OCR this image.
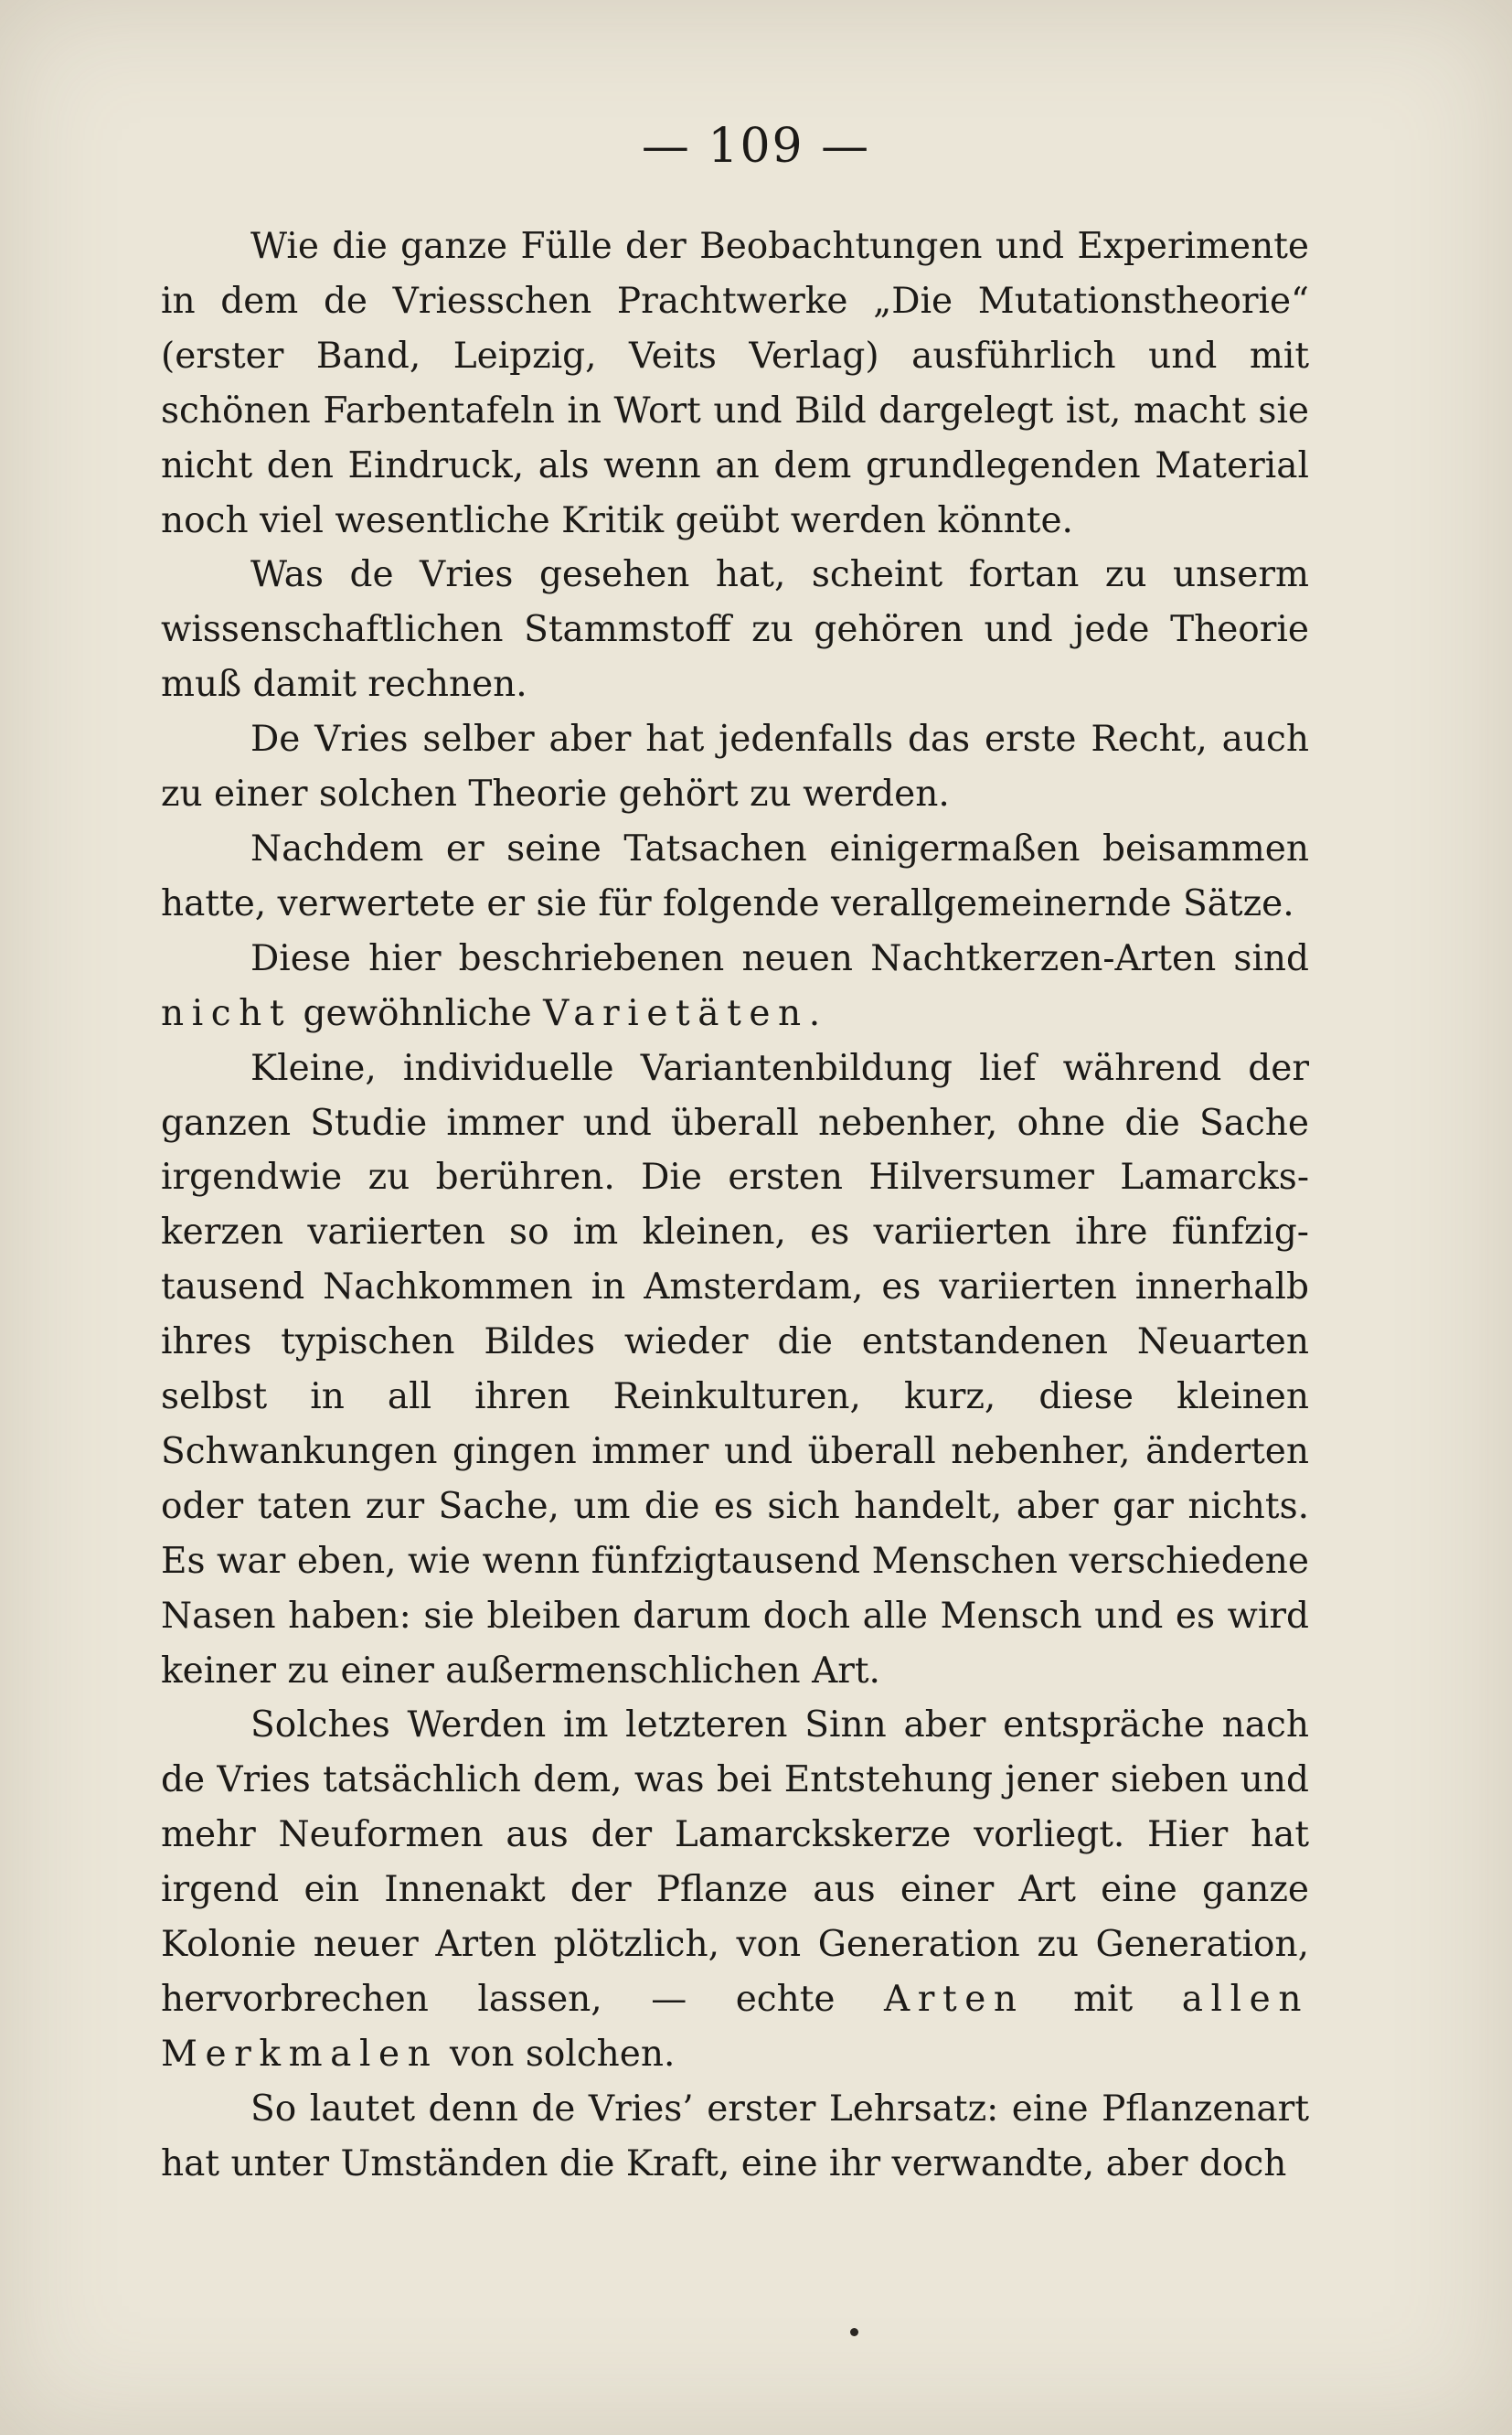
— 109 —

Wie die ganze Fülle der Beobachtungen und Experimente in dem de Vriesschen Prachtwerke „Die Mutationstheorie“ (erster Band, Leipzig, Veits Verlag) ausführlich und mit schönen Farbentafeln in Wort und Bild dargelegt ist, macht sie nicht den Eindruck, als wenn an dem grundlegenden Material noch viel wesentliche Kritik geübt werden könnte.

Was de Vries gesehen hat, scheint fortan zu unserm wissenschaftlichen Stammstoff zu gehören und jede Theorie muß damit rechnen.

De Vries selber aber hat jedenfalls das erste Recht, auch zu einer solchen Theorie gehört zu werden.

Nachdem er seine Tatsachen einigermaßen beisammen hatte, verwertete er sie für folgende verallgemeinernde Sätze.

Diese hier beschriebenen neuen Nachtkerzen-Arten sind nicht gewöhnliche Varietäten.

Kleine, individuelle Variantenbildung lief während der ganzen Studie immer und überall nebenher, ohne die Sache irgendwie zu berühren. Die ersten Hilversumer Lamarcks-kerzen variierten so im kleinen, es variierten ihre fünfzig-tausend Nachkommen in Amsterdam, es variierten innerhalb ihres typischen Bildes wieder die entstandenen Neuarten selbst in all ihren Reinkulturen, kurz, diese kleinen Schwankungen gingen immer und überall nebenher, änderten oder taten zur Sache, um die es sich handelt, aber gar nichts. Es war eben, wie wenn fünfzigtausend Menschen verschiedene Nasen haben: sie bleiben darum doch alle Mensch und es wird keiner zu einer außermenschlichen Art.

Solches Werden im letzteren Sinn aber entspräche nach de Vries tatsächlich dem, was bei Entstehung jener sieben und mehr Neuformen aus der Lamarckskerze vorliegt. Hier hat irgend ein Innenakt der Pflanze aus einer Art eine ganze Kolonie neuer Arten plötzlich, von Generation zu Generation, hervorbrechen lassen, — echte Arten mit allen Merkmalen von solchen.

So lautet denn de Vries’ erster Lehrsatz: eine Pflanzenart hat unter Umständen die Kraft, eine ihr verwandte, aber doch
